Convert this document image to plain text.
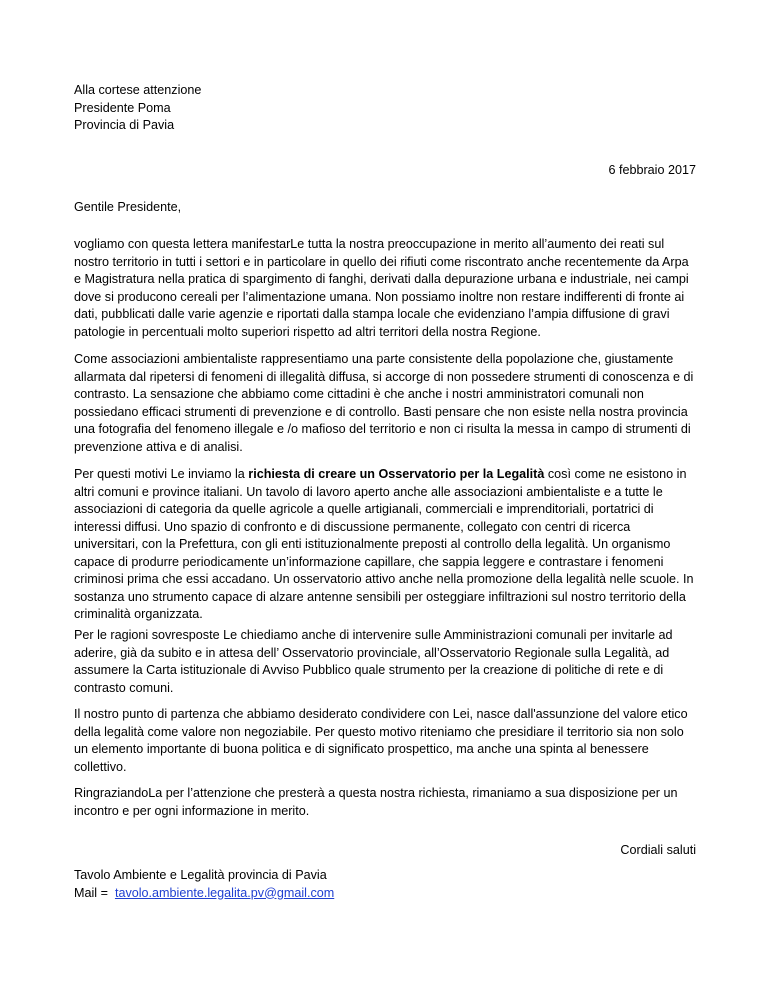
Alla cortese attenzione
Presidente Poma
Provincia di Pavia
6 febbraio 2017
Gentile Presidente,

vogliamo con questa lettera manifestarLe tutta la nostra preoccupazione in merito all’aumento dei reati sul nostro territorio in tutti i settori e in particolare in quello dei rifiuti come riscontrato anche recentemente da Arpa e Magistratura nella pratica di spargimento di fanghi, derivati dalla depurazione urbana e industriale, nei campi dove si producono cereali per l’alimentazione umana. Non possiamo inoltre non restare indifferenti di fronte ai dati, pubblicati dalle varie agenzie e riportati dalla stampa locale che evidenziano l’ampia diffusione di gravi patologie in percentuali molto superiori rispetto ad altri territori della nostra Regione.

Come associazioni ambientaliste rappresentiamo una parte consistente della popolazione che, giustamente allarmata dal ripetersi di fenomeni di illegalità diffusa, si accorge di non possedere strumenti di conoscenza e di contrasto. La sensazione che abbiamo come cittadini è che anche i nostri amministratori comunali non possiedano efficaci strumenti di prevenzione e di controllo. Basti pensare che non esiste nella nostra provincia una fotografia del fenomeno illegale e /o mafioso del territorio e non ci risulta la messa in campo di strumenti di prevenzione attiva e di analisi.

Per questi motivi Le inviamo la richiesta di creare un Osservatorio per la Legalità così come ne esistono in altri comuni e province italiani. Un tavolo di lavoro aperto anche alle associazioni ambientaliste e a tutte le associazioni di categoria da quelle agricole a quelle artigianali, commerciali e imprenditoriali, portatrici di interessi diffusi. Uno spazio di confronto e di discussione permanente, collegato con centri di ricerca universitari, con la Prefettura, con gli enti istituzionalmente preposti al controllo della legalità. Un organismo capace di produrre periodicamente un’informazione capillare, che sappia leggere e contrastare i fenomeni criminosi prima che essi accadano. Un osservatorio attivo anche nella promozione della legalità nelle scuole. In sostanza uno strumento capace di alzare antenne sensibili per osteggiare infiltrazioni sul nostro territorio della criminalità organizzata.

Per le ragioni sovresposte Le chiediamo anche di intervenire sulle Amministrazioni comunali per invitarle ad aderire, già da subito e in attesa dell’ Osservatorio provinciale, all’Osservatorio Regionale sulla Legalità, ad assumere la Carta istituzionale di Avviso Pubblico quale strumento per la creazione di politiche di rete e di contrasto comuni.

Il nostro punto di partenza che abbiamo desiderato condividere con Lei, nasce dall'assunzione del valore etico della legalità come valore non negoziabile. Per questo motivo riteniamo che presidiare il territorio sia non solo un elemento importante di buona politica e di significato prospettico, ma anche una spinta al benessere collettivo.

RingraziandoLa per l’attenzione che presterà a questa nostra richiesta, rimaniamo a sua disposizione per un incontro e per ogni informazione in merito.

Cordiali saluti
Tavolo Ambiente e Legalità provincia di Pavia
Mail =  tavolo.ambiente.legalita.pv@gmail.com
